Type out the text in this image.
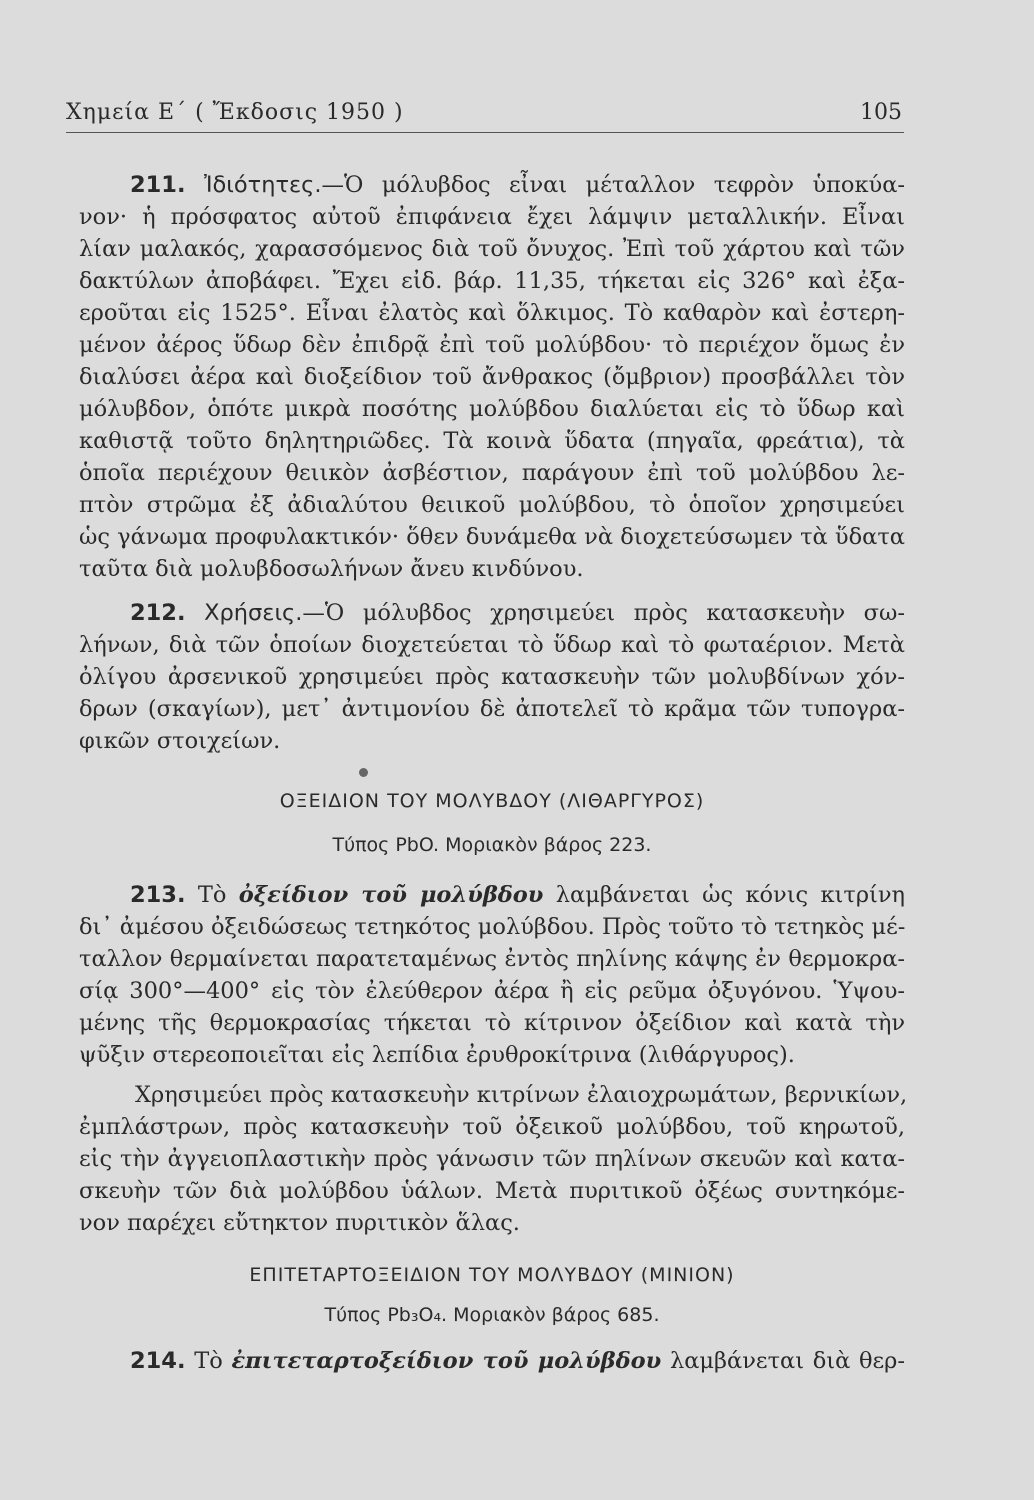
Χημεία Ε΄ ( Ἔκδοσις 1950 )	105
211. Ἰδιότητες.—Ὁ μόλυβδος εἶναι μέταλλον τεφρὸν ὑποκύα-
νον· ἡ πρόσφατος αὐτοῦ ἐπιφάνεια ἔχει λάμψιν μεταλλικήν. Εἶναι
λίαν μαλακός, χαρασσόμενος διὰ τοῦ ὄνυχος. Ἐπὶ τοῦ χάρτου καὶ τῶν
δακτύλων ἀποβάφει. Ἔχει εἰδ. βάρ. 11,35, τήκεται εἰς 326° καὶ ἐξα-
ερoῦται εἰς 1525°. Εἶναι ἐλατὸς καὶ ὅλκιμος. Τὸ καθαρὸν καὶ ἐστερη-
μένον ἀέρος ὕδωρ δὲν ἐπιδρᾷ ἐπὶ τοῦ μολύβδου· τὸ περιέχον ὅμως ἐν
διαλύσει ἀέρα καὶ διοξείδιον τοῦ ἄνθρακος (ὄμβριον) προσβάλλει τὸν
μόλυβδον, ὁπότε μικρὰ ποσότης μολύβδου διαλύεται εἰς τὸ ὕδωρ καὶ
καθιστᾷ τοῦτο δηλητηριῶδες. Τὰ κοινὰ ὕδατα (πηγαῖα, φρεάτια), τὰ
ὁποῖα περιέχουν θειικὸν ἀσβέστιον, παράγουν ἐπὶ τοῦ μολύβδου λε-
πτὸν στρῶμα ἐξ ἀδιαλύτου θειικοῦ μολύβδου, τὸ ὁποῖον χρησιμεύει
ὡς γάνωμα προφυλακτικόν· ὅθεν δυνάμεθα νὰ διοχετεύσωμεν τὰ ὕδατα
ταῦτα διὰ μολυβδοσωλήνων ἄνευ κινδύνου.
212. Χρήσεις.—Ὁ μόλυβδος χρησιμεύει πρὸς κατασκευὴν σω-
λήνων, διὰ τῶν ὁποίων διοχετεύεται τὸ ὕδωρ καὶ τὸ φωταέριον. Μετὰ
ὀλίγου ἀρσενικοῦ χρησιμεύει πρὸς κατασκευὴν τῶν μολυβδίνων χόν-
δρων (σκαγίων), μετ᾿ ἀντιμονίου δὲ ἀποτελεῖ τὸ κρᾶμα τῶν τυπογρα-
φικῶν στοιχείων.
ΟΞΕΙΔΙΟΝ ΤΟΥ ΜΟΛΥΒΔΟΥ (ΛΙΘΑΡΓΥΡΟΣ)
Τύπος PbO. Μοριακὸν βάρος 223.
213. Τὸ ὀξείδιον τοῦ μολύβδου λαμβάνεται ὡς κόνις κιτρίνη
δι᾿ ἀμέσου ὀξειδώσεως τετηκότος μολύβδου. Πρὸς τοῦτο τὸ τετηκὸς μέ-
ταλλον θερμαίνεται παρατεταμένως ἐντὸς πηλίνης κάψης ἐν θερμοκρα-
σίᾳ 300°—400° εἰς τὸν ἐλεύθερον ἀέρα ἢ εἰς ρεῦμα ὀξυγόνου. Ὑψου-
μένης τῆς θερμοκρασίας τήκεται τὸ κίτρινον ὀξείδιον καὶ κατὰ τὴν
ψῦξιν στερεοποιεῖται εἰς λεπίδια ἐρυθροκίτρινα (λιθάργυρος).
Χρησιμεύει πρὸς κατασκευὴν κιτρίνων ἐλαιοχρωμάτων, βερνικίων,
ἐμπλάστρων, πρὸς κατασκευὴν τοῦ ὀξεικοῦ μολύβδου, τοῦ κηρωτοῦ,
εἰς τὴν ἀγγειοπλαστικὴν πρὸς γάνωσιν τῶν πηλίνων σκευῶν καὶ κατα-
σκευὴν τῶν διὰ μολύβδου ὑάλων. Μετὰ πυριτικοῦ ὀξέως συντηκόμε-
νον παρέχει εὔτηκτον πυριτικὸν ἅλας.
ΕΠΙΤΕΤΑΡΤΟΞΕΙΔΙΟΝ ΤΟΥ ΜΟΛΥΒΔΟΥ (ΜΙΝΙΟΝ)
Τύπος Pb₃O₄. Μοριακὸν βάρος 685.
214. Τὸ ἐπιτεταρτοξείδιον τοῦ μολύβδου λαμβάνεται διὰ θερ-
